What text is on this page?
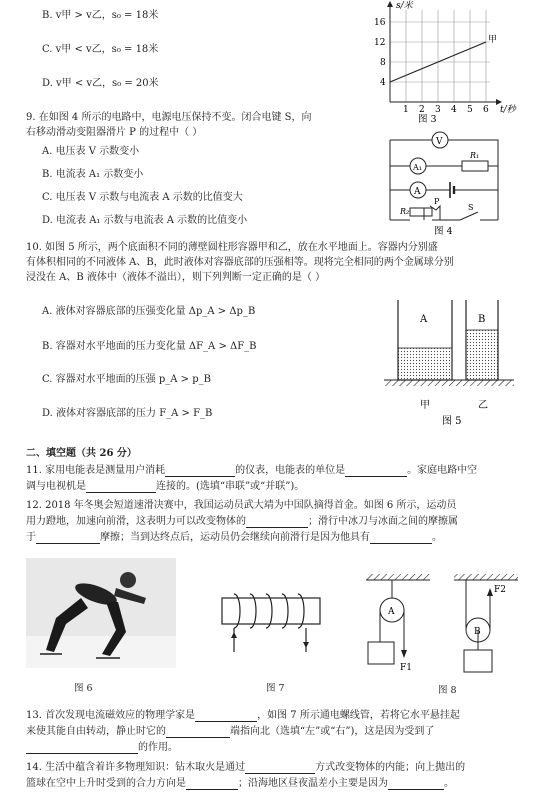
B. v甲 > v乙，s₀ = 18米
C. v甲 < v乙，s₀ = 18米
D. v甲 < v乙，s₀ = 20米
甲
s/米
16
12
8
4
1 2 3 4 5 6 t/秒
图 3
9. 在如图 4 所示的电路中，电源电压保持不变。闭合电键 S，向
右移动滑动变阻器滑片 P 的过程中（ ）
A. 电压表 V 示数变小
B. 电流表 A₁ 示数变小
C. 电压表 V 示数与电流表 A 示数的比值变大
D. 电流表 A₁ 示数与电流表 A 示数的比值变小
V
A₁
R₁
A
R₂
P
S
图 4
10. 如图 5 所示，两个底面积不同的薄壁圆柱形容器甲和乙，放在水平地面上。容器内分别盛
有体积相同的不同液体 A、B，此时液体对容器底部的压强相等。现将完全相同的两个金属球分别
浸没在 A、B 液体中（液体不溢出），则下列判断一定正确的是（ ）
A. 液体对容器底部的压强变化量 Δp_A > Δp_B
B. 容器对水平地面的压力变化量 ΔF_A > ΔF_B
C. 容器对水平地面的压强 p_A > p_B
D. 液体对容器底部的压力 F_A > F_B
A	B
甲	乙
图 5
二、填空题（共 26 分）
11. 家用电能表是测量用户消耗	的仪表，电能表的单位是	。家庭电路中空
调与电视机是	连接的。(选填“串联”或“并联”)。
12. 2018 年冬奥会短道速滑决赛中，我国运动员武大靖为中国队摘得首金。如图 6 所示，运动员
用力蹬地，加速向前滑，这表明力可以改变物体的	；滑行中冰刀与冰面之间的摩擦属
于	摩擦；当到达终点后，运动员仍会继续向前滑行是因为他具有	。
A
B
F1
F2
图 6	图 7	图 8
13. 首次发现电流磁效应的物理学家是	，如图 7 所示通电螺线管，若将它水平悬挂起
来使其能自由转动，静止时它的	端指向北（选填“左”或“右”)，这是因为受到了
的作用。
14. 生活中蕴含着许多物理知识：钻木取火是通过	方式改变物体的内能；向上抛出的
篮球在空中上升时受到的合力方向是	；沿海地区昼夜温差小主要是因为	。
